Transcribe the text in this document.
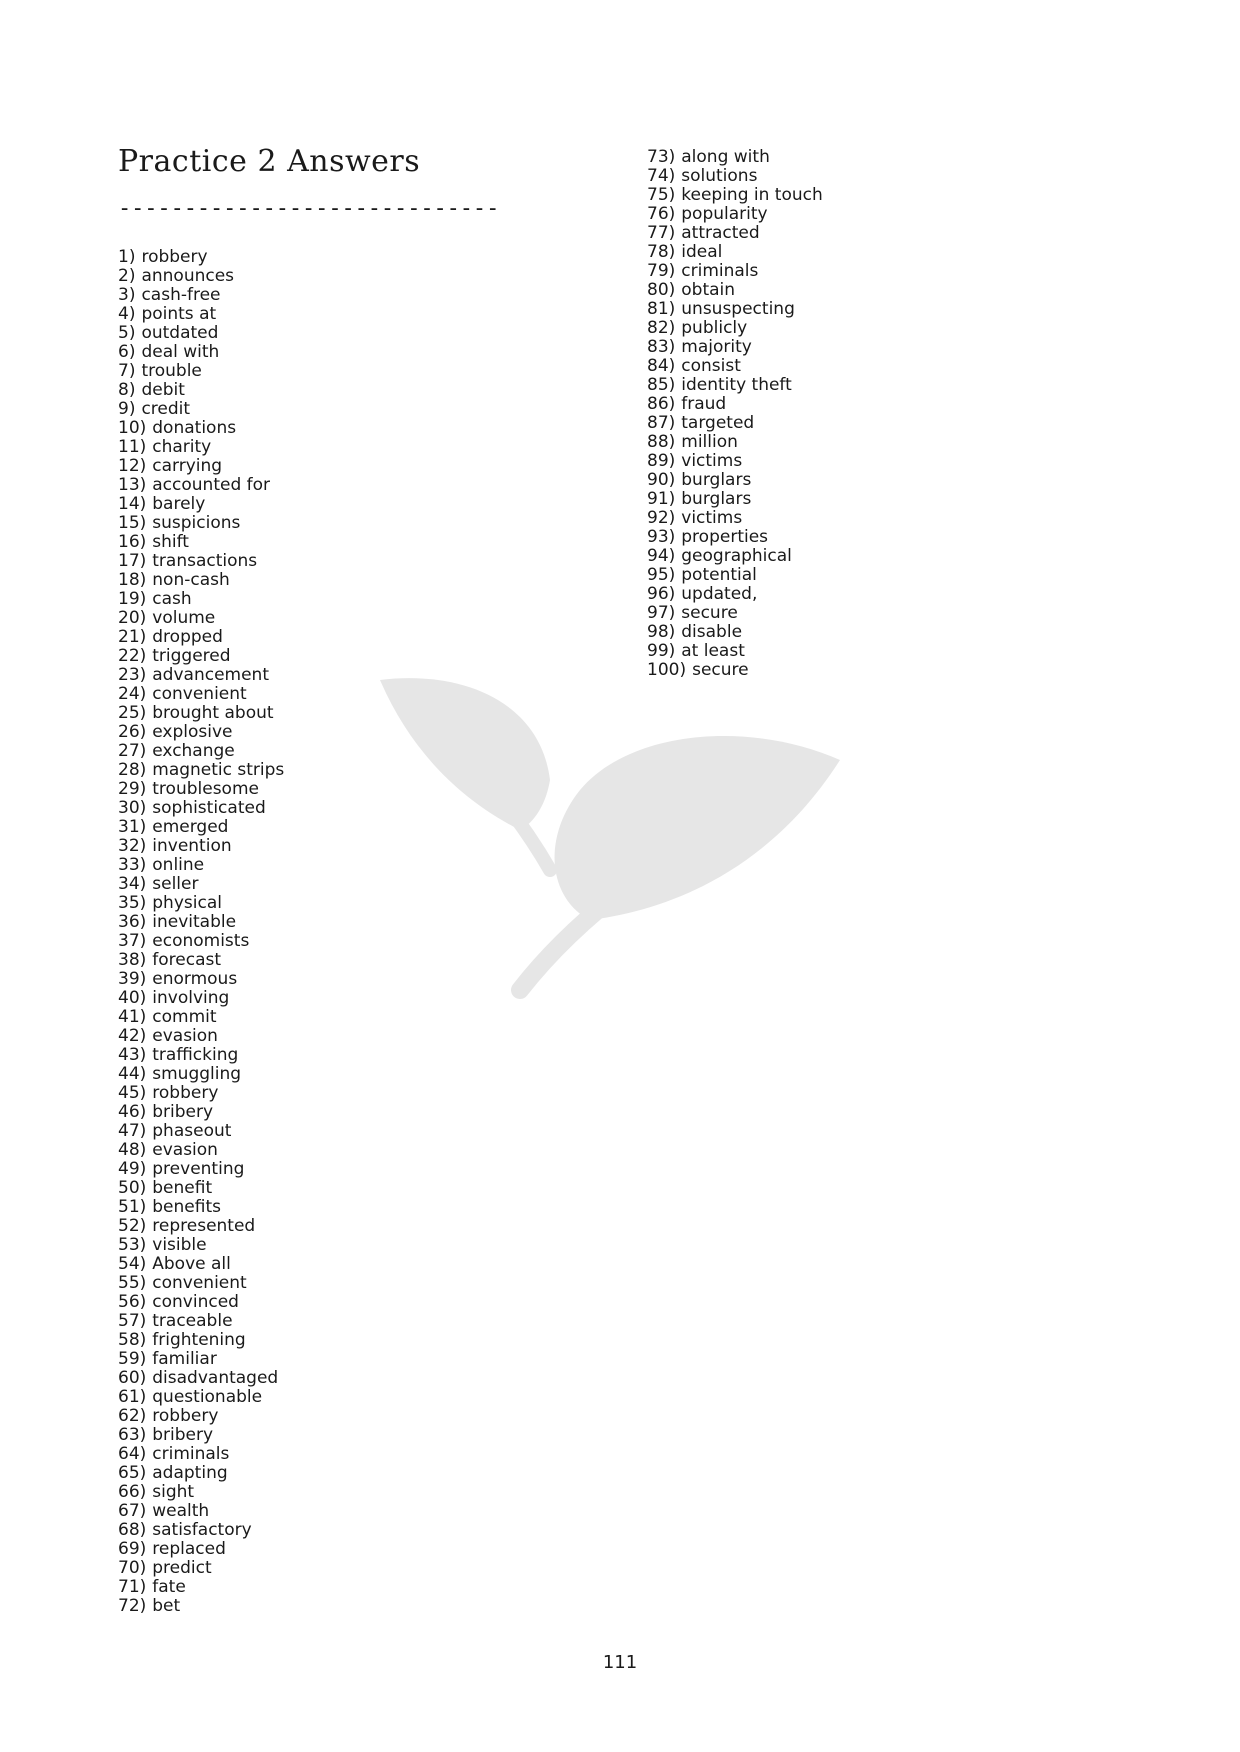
Practice 2 Answers
-----------------------------
1) robbery
2) announces
3) cash-free
4) points at
5) outdated
6) deal with
7) trouble
8) debit
9) credit
10) donations
11) charity
12) carrying
13) accounted for
14) barely
15) suspicions
16) shift
17) transactions
18) non-cash
19) cash
20) volume
21) dropped
22) triggered
23) advancement
24) convenient
25) brought about
26) explosive
27) exchange
28) magnetic strips
29) troublesome
30) sophisticated
31) emerged
32) invention
33) online
34) seller
35) physical
36) inevitable
37) economists
38) forecast
39) enormous
40) involving
41) commit
42) evasion
43) trafficking
44) smuggling
45) robbery
46) bribery
47) phaseout
48) evasion
49) preventing
50) benefit
51) benefits
52) represented
53) visible
54) Above all
55) convenient
56) convinced
57) traceable
58) frightening
59) familiar
60) disadvantaged
61) questionable
62) robbery
63) bribery
64) criminals
65) adapting
66) sight
67) wealth
68) satisfactory
69) replaced
70) predict
71) fate
72) bet
73) along with
74) solutions
75) keeping in touch
76) popularity
77) attracted
78) ideal
79) criminals
80) obtain
81) unsuspecting
82) publicly
83) majority
84) consist
85) identity theft
86) fraud
87) targeted
88) million
89) victims
90) burglars
91) burglars
92) victims
93) properties
94) geographical
95) potential
96) updated,
97) secure
98) disable
99) at least
100) secure
111
